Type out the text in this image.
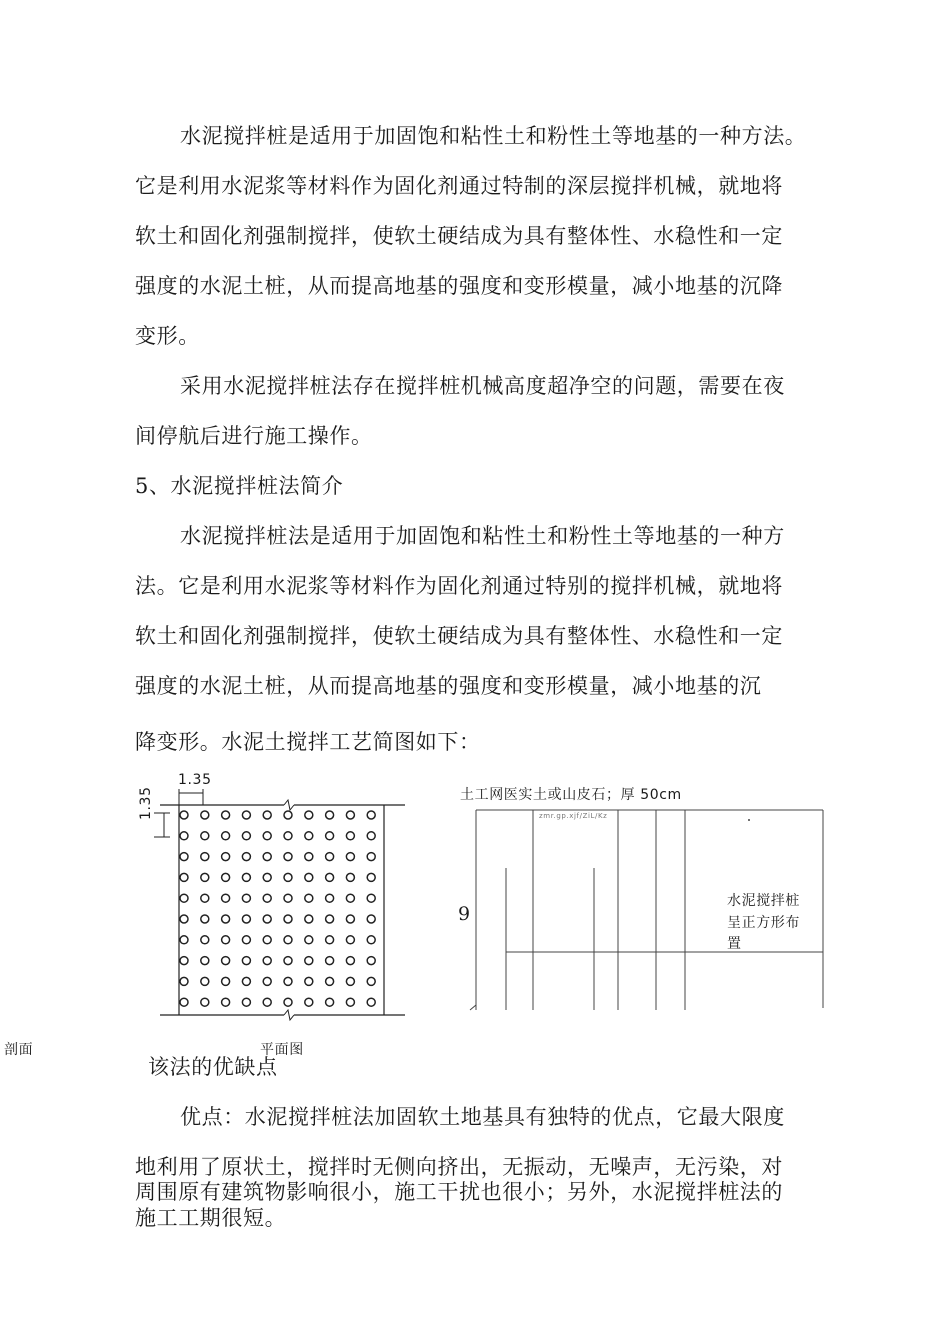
水泥搅拌桩是适用于加固饱和粘性土和粉性土等地基的一种方法。
它是利用水泥浆等材料作为固化剂通过特制的深层搅拌机械，就地将
软土和固化剂强制搅拌，使软土硬结成为具有整体性、水稳性和一定
强度的水泥土桩，从而提高地基的强度和变形模量，减小地基的沉降
变形。
采用水泥搅拌桩法存在搅拌桩机械高度超净空的问题，需要在夜
间停航后进行施工操作。
5、水泥搅拌桩法简介
水泥搅拌桩法是适用于加固饱和粘性土和粉性土等地基的一种方
法。它是利用水泥浆等材料作为固化剂通过特别的搅拌机械，就地将
软土和固化剂强制搅拌，使软土硬结成为具有整体性、水稳性和一定
强度的水泥土桩，从而提高地基的强度和变形模量，减小地基的沉
降变形。水泥土搅拌工艺简图如下：
1.35
1.35
平面图
剖面
土工网医实土或山皮石；厚 50cm
zmr.gp.xjf/ZiL/Kz
9
水泥搅拌桩
呈正方形布
置
该法的优缺点
优点：水泥搅拌桩法加固软土地基具有独特的优点，它最大限度
地利用了原状土，搅拌时无侧向挤出，无振动，无噪声，无污染，对
周围原有建筑物影响很小，施工干扰也很小；另外，水泥搅拌桩法的
施工工期很短。
